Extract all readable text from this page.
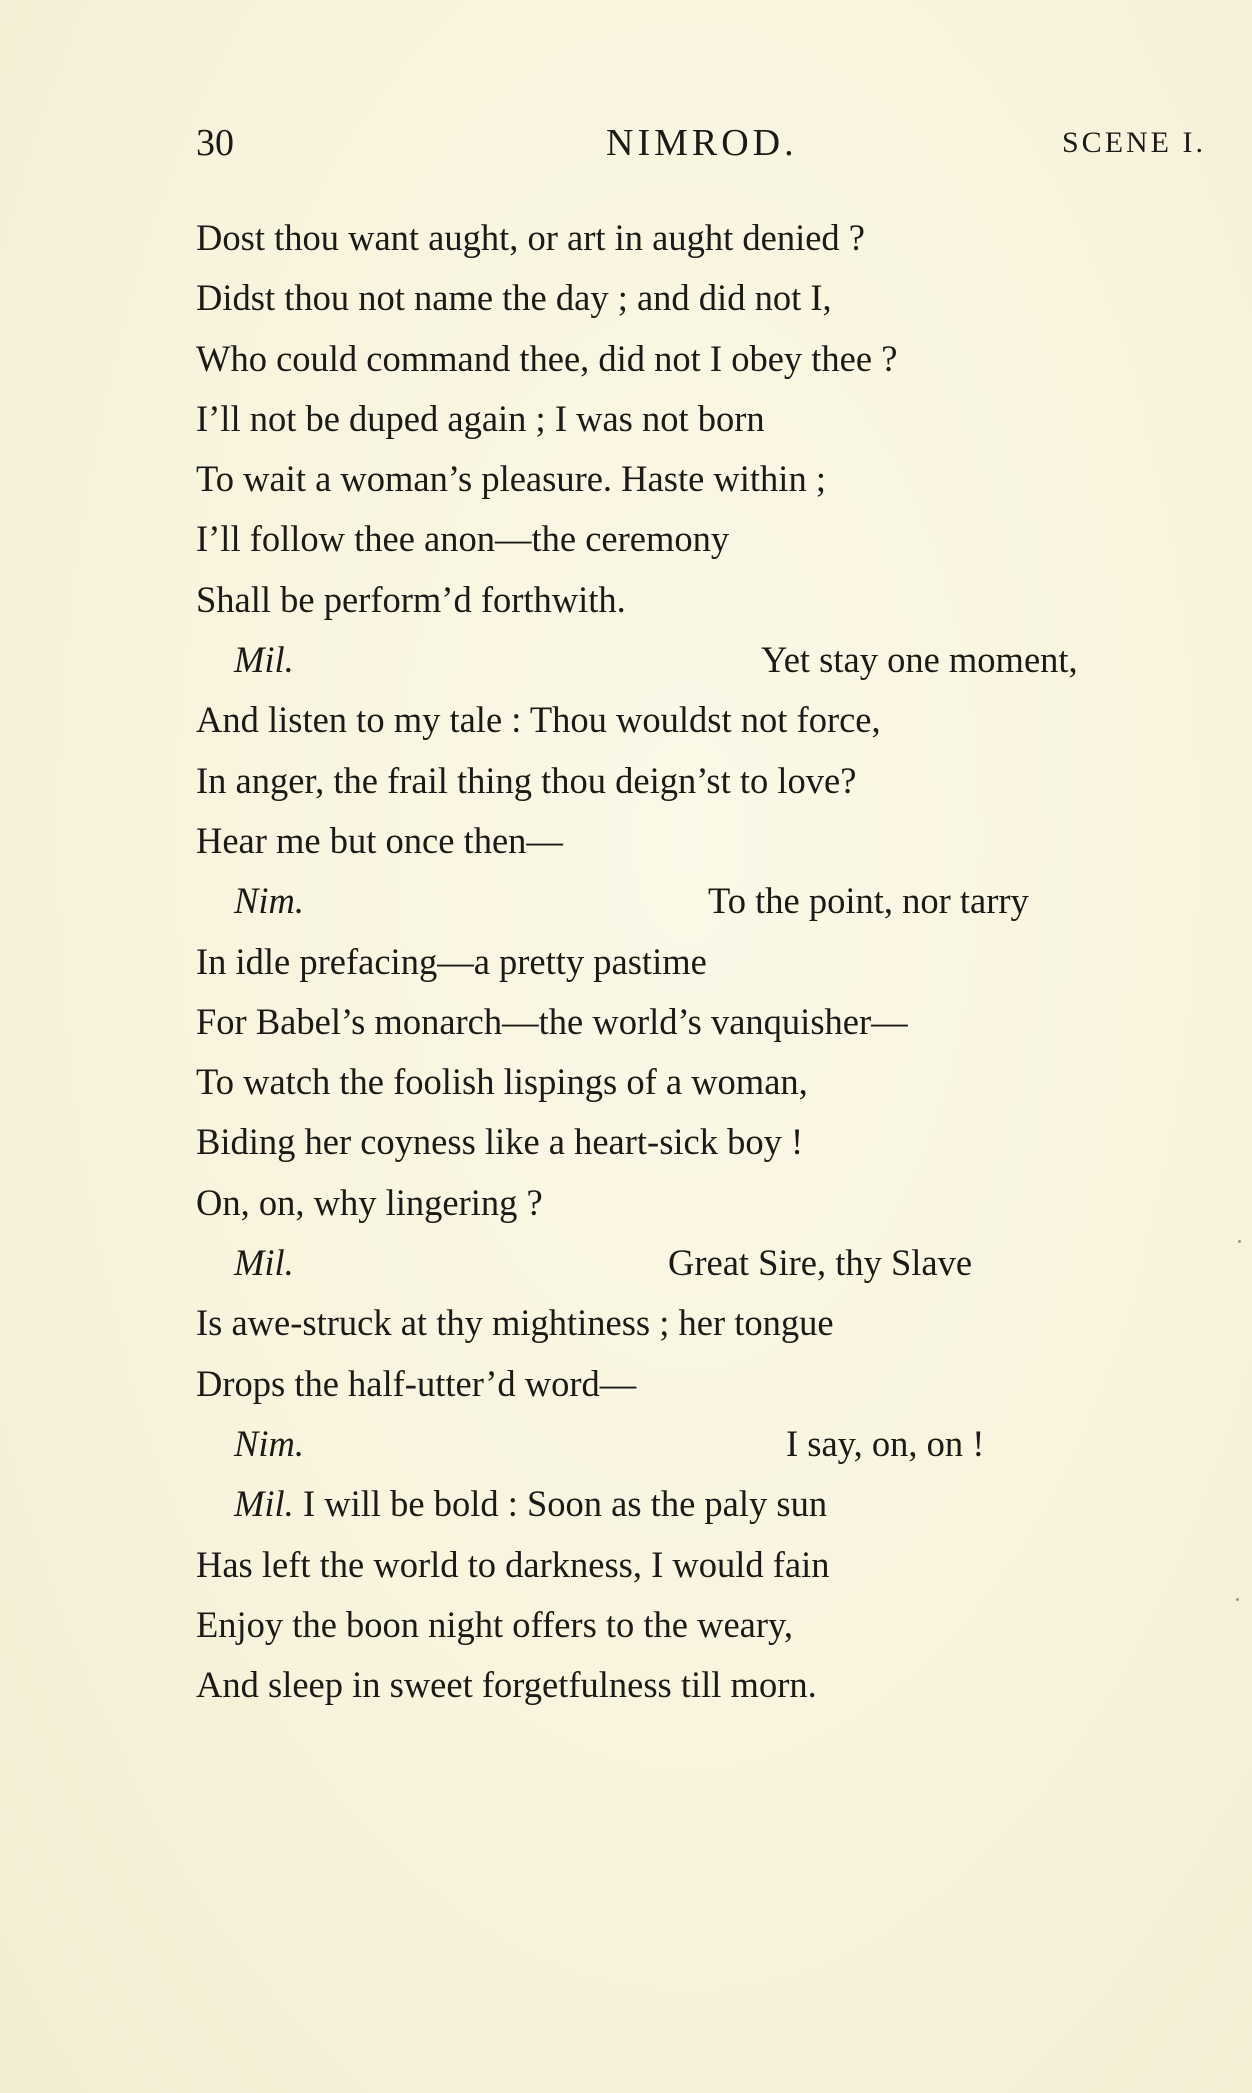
30	NIMROD.	SCENE I.
Dost thou want aught, or art in aught denied ?
Didst thou not name the day ; and did not I,
Who could command thee, did not I obey thee ?
I’ll not be duped again ; I was not born
To wait a woman’s pleasure. Haste within ;
I’ll follow thee anon—the ceremony
Shall be perform’d forthwith.
Mil.	Yet stay one moment,
And listen to my tale : Thou wouldst not force,
In anger, the frail thing thou deign’st to love?
Hear me but once then—
Nim.	To the point, nor tarry
In idle prefacing—a pretty pastime
For Babel’s monarch—the world’s vanquisher—
To watch the foolish lispings of a woman,
Biding her coyness like a heart-sick boy !
On, on, why lingering ?
Mil.	Great Sire, thy Slave
Is awe-struck at thy mightiness ; her tongue
Drops the half-utter’d word—
Nim.	I say, on, on !
Mil. I will be bold : Soon as the paly sun
Has left the world to darkness, I would fain
Enjoy the boon night offers to the weary,
And sleep in sweet forgetfulness till morn.
